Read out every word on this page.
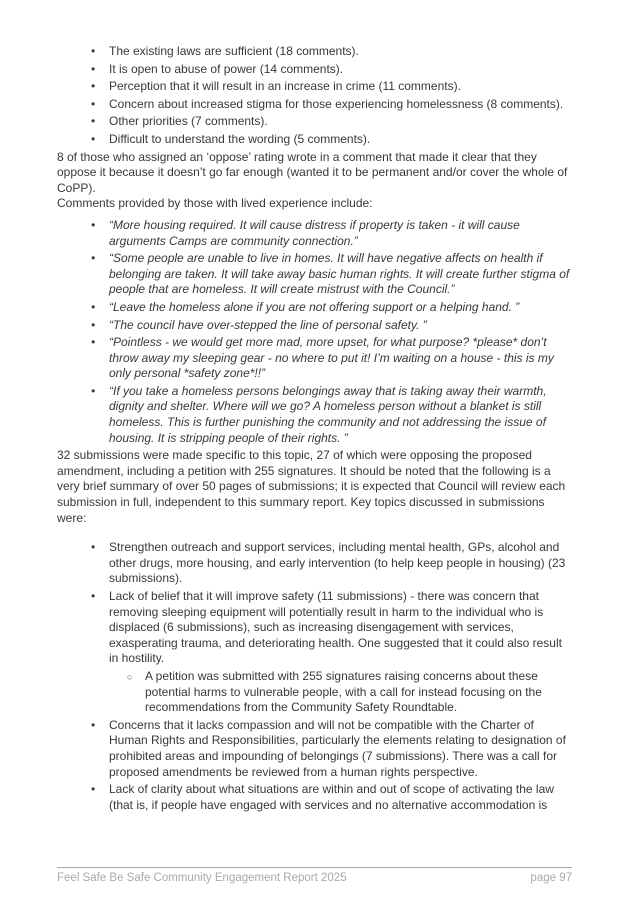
• The existing laws are sufficient (18 comments).
• It is open to abuse of power (14 comments).
• Perception that it will result in an increase in crime (11 comments).
• Concern about increased stigma for those experiencing homelessness (8 comments).
• Other priorities (7 comments).
• Difficult to understand the wording (5 comments).

8 of those who assigned an ‘oppose’ rating wrote in a comment that made it clear that they oppose it because it doesn’t go far enough (wanted it to be permanent and/or cover the whole of CoPP).

Comments provided by those with lived experience include:

• “More housing required. It will cause distress if property is taken - it will cause arguments Camps are community connection.”
• “Some people are unable to live in homes. It will have negative affects on health if belonging are taken. It will take away basic human rights. It will create further stigma of people that are homeless. It will create mistrust with the Council.”
• “Leave the homeless alone if you are not offering support or a helping hand. ”
• “The council have over-stepped the line of personal safety. ”
• “Pointless - we would get more mad, more upset, for what purpose? *please* don’t throw away my sleeping gear - no where to put it! I’m waiting on a house - this is my only personal *safety zone*!!”
• “If you take a homeless persons belongings away that is taking away their warmth, dignity and shelter. Where will we go? A homeless person without a blanket is still homeless. This is further punishing the community and not addressing the issue of housing. It is stripping people of their rights. ”

32 submissions were made specific to this topic, 27 of which were opposing the proposed amendment, including a petition with 255 signatures. It should be noted that the following is a very brief summary of over 50 pages of submissions; it is expected that Council will review each submission in full, independent to this summary report. Key topics discussed in submissions were:

• Strengthen outreach and support services, including mental health, GPs, alcohol and other drugs, more housing, and early intervention (to help keep people in housing) (23 submissions).
• Lack of belief that it will improve safety (11 submissions) - there was concern that removing sleeping equipment will potentially result in harm to the individual who is displaced (6 submissions), such as increasing disengagement with services, exasperating trauma, and deteriorating health. One suggested that it could also result in hostility.
○ A petition was submitted with 255 signatures raising concerns about these potential harms to vulnerable people, with a call for instead focusing on the recommendations from the Community Safety Roundtable.
• Concerns that it lacks compassion and will not be compatible with the Charter of Human Rights and Responsibilities, particularly the elements relating to designation of prohibited areas and impounding of belongings (7 submissions). There was a call for proposed amendments be reviewed from a human rights perspective.
• Lack of clarity about what situations are within and out of scope of activating the law (that is, if people have engaged with services and no alternative accommodation is
Feel Safe Be Safe Community Engagement Report 2025	page 97
